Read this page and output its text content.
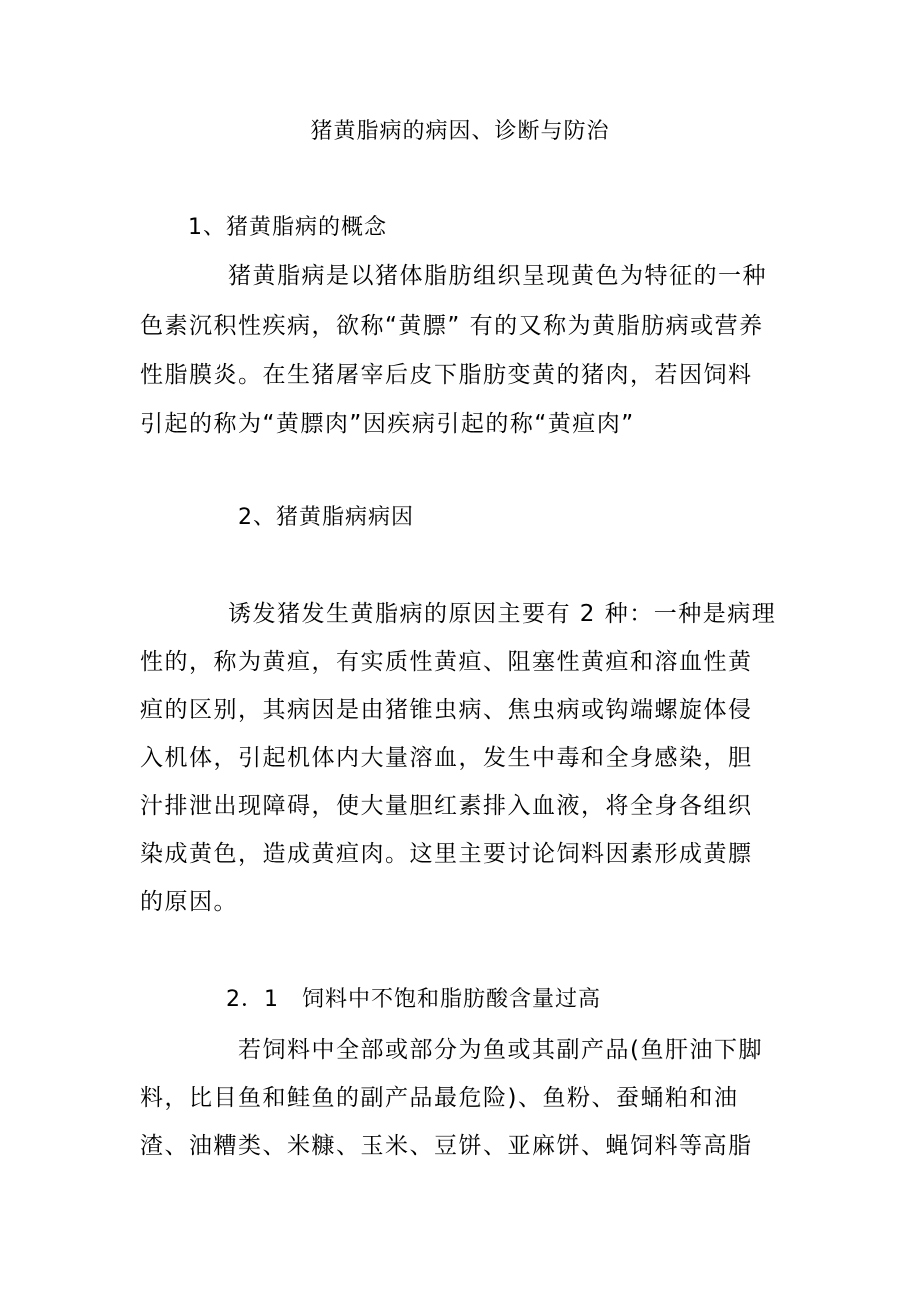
猪黄脂病的病因、诊断与防治
1、猪黄脂病的概念
猪黄脂病是以猪体脂肪组织呈现黄色为特征的一种
色素沉积性疾病，欲称“黄膘” 有的又称为黄脂肪病或营养
性脂膜炎。在生猪屠宰后皮下脂肪变黄的猪肉，若因饲料
引起的称为“黄膘肉”因疾病引起的称“黄疸肉”
2、猪黄脂病病因
诱发猪发生黄脂病的原因主要有 2 种：一种是病理
性的，称为黄疸，有实质性黄疸、阻塞性黄疸和溶血性黄
疸的区别，其病因是由猪锥虫病、焦虫病或钩端螺旋体侵
入机体，引起机体内大量溶血，发生中毒和全身感染，胆
汁排泄出现障碍，使大量胆红素排入血液，将全身各组织
染成黄色，造成黄疸肉。这里主要讨论饲料因素形成黄膘
的原因。
2．1　饲料中不饱和脂肪酸含量过高
若饲料中全部或部分为鱼或其副产品(鱼肝油下脚
料，比目鱼和鲑鱼的副产品最危险)、鱼粉、蚕蛹粕和油
渣、油糟类、米糠、玉米、豆饼、亚麻饼、蝇饲料等高脂
